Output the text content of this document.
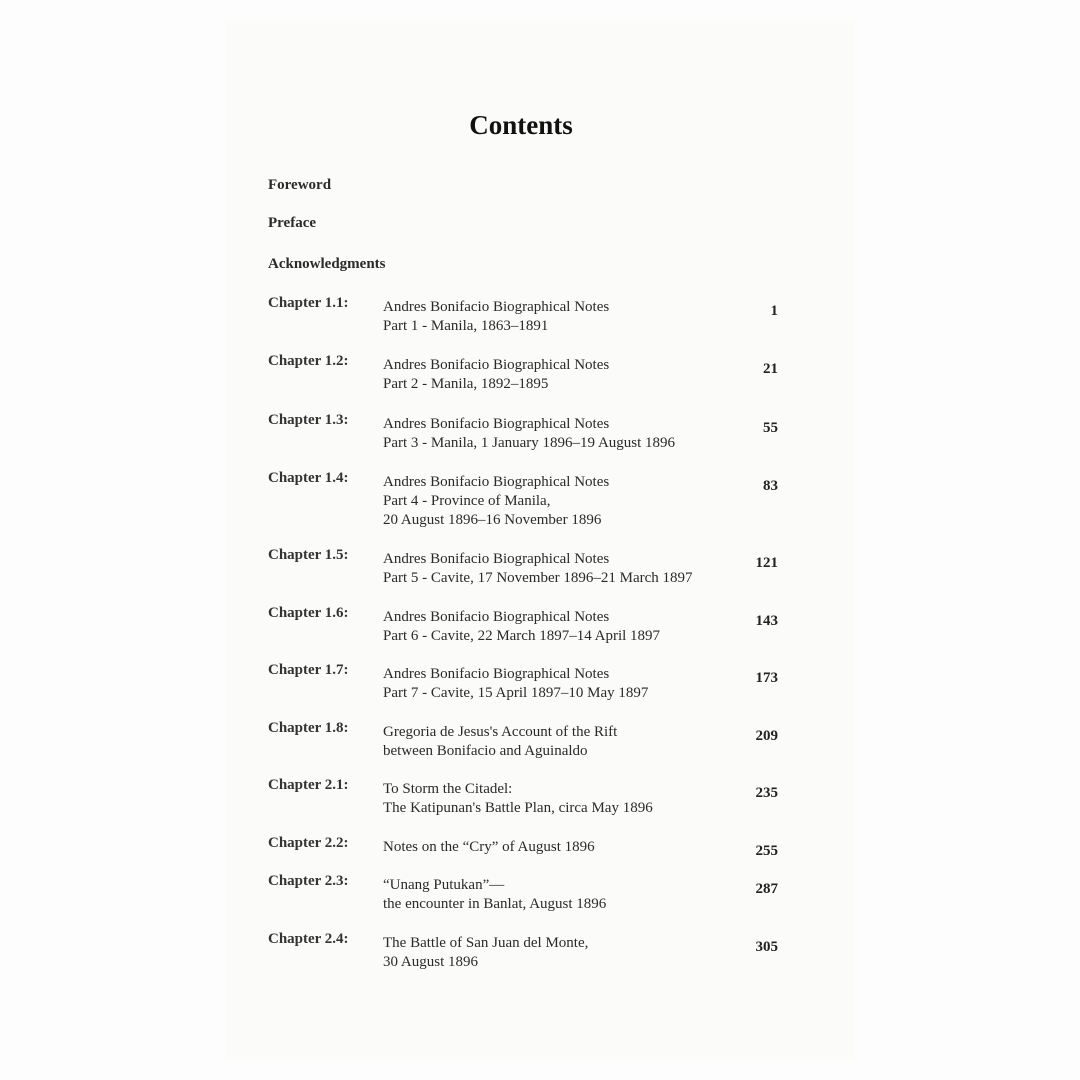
Contents
Foreword
Preface
Acknowledgments
Chapter 1.1: Andres Bonifacio Biographical Notes
Part 1 - Manila, 1863–1891
1
Chapter 1.2: Andres Bonifacio Biographical Notes
Part 2 - Manila, 1892–1895
21
Chapter 1.3: Andres Bonifacio Biographical Notes
Part 3 - Manila, 1 January 1896–19 August 1896
55
Chapter 1.4: Andres Bonifacio Biographical Notes
Part 4 - Province of Manila,
20 August 1896–16 November 1896
83
Chapter 1.5: Andres Bonifacio Biographical Notes
Part 5 - Cavite, 17 November 1896–21 March 1897
121
Chapter 1.6: Andres Bonifacio Biographical Notes
Part 6 - Cavite, 22 March 1897–14 April 1897
143
Chapter 1.7: Andres Bonifacio Biographical Notes
Part 7 - Cavite, 15 April 1897–10 May 1897
173
Chapter 1.8: Gregoria de Jesus's Account of the Rift
between Bonifacio and Aguinaldo
209
Chapter 2.1: To Storm the Citadel:
The Katipunan's Battle Plan, circa May 1896
235
Chapter 2.2: Notes on the “Cry” of August 1896	255
Chapter 2.3: “Unang Putukan”—
the encounter in Banlat, August 1896
287
Chapter 2.4: The Battle of San Juan del Monte,
30 August 1896
305
